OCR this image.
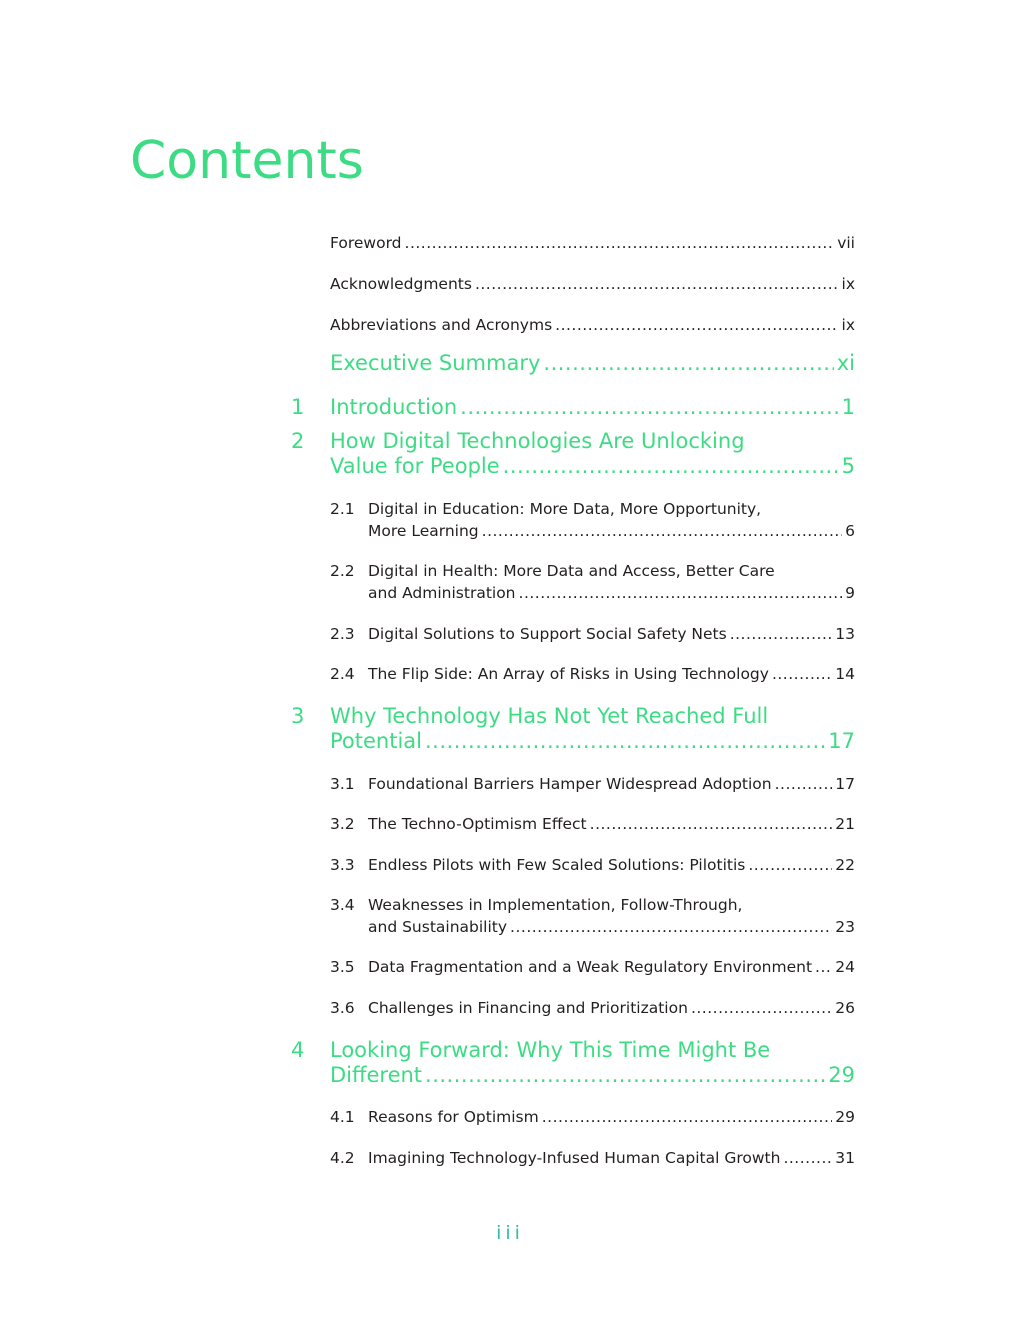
Contents
Foreword .....	vii
Acknowledgments .....	ix
Abbreviations and Acronyms .....	ix
Executive Summary .....	xi
1 Introduction .....	1
2 How Digital Technologies Are Unlocking
Value for People .....	5
2.1 Digital in Education: More Data, More Opportunity,
More Learning .....	6
2.2 Digital in Health: More Data and Access, Better Care
and Administration .....	9
2.3 Digital Solutions to Support Social Safety Nets .....	13
2.4 The Flip Side: An Array of Risks in Using Technology .....	14
3 Why Technology Has Not Yet Reached Full
Potential .....	17
3.1 Foundational Barriers Hamper Widespread Adoption .....	17
3.2 The Techno-Optimism Effect .....	21
3.3 Endless Pilots with Few Scaled Solutions: Pilotitis .....	22
3.4 Weaknesses in Implementation, Follow-Through,
and Sustainability .....	23
3.5 Data Fragmentation and a Weak Regulatory Environment ..... 24
3.6 Challenges in Financing and Prioritization .....	26
4 Looking Forward: Why This Time Might Be
Different .....	29
4.1 Reasons for Optimism .....	29
4.2 Imagining Technology-Infused Human Capital Growth .....	31
iii
